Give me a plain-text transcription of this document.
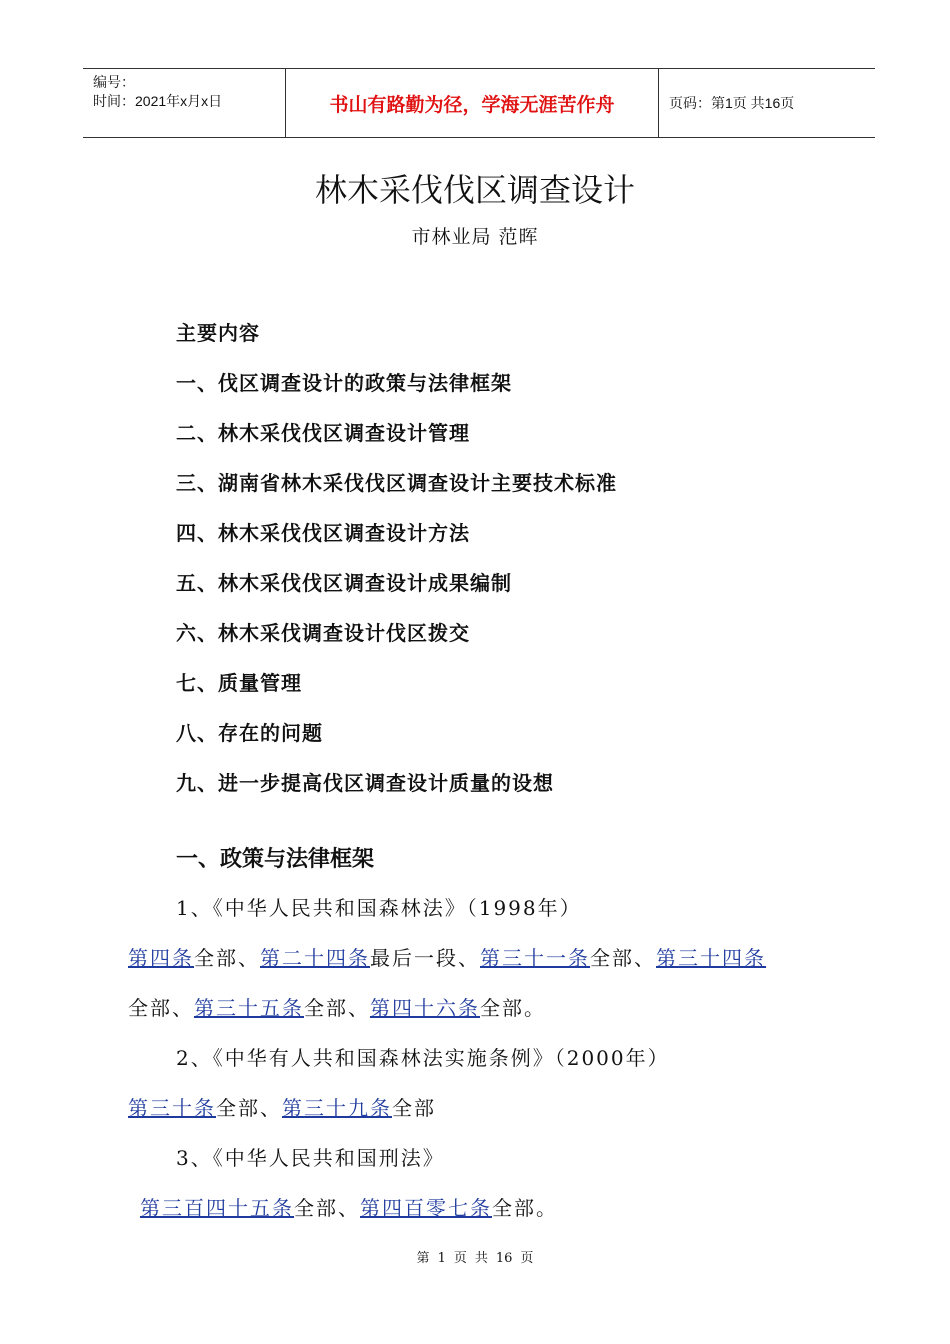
编号：
时间：2021年x月x日	书山有路勤为径，学海无涯苦作舟	页码：第1页 共16页
林木采伐伐区调查设计
市林业局 范晖
主要内容
一、伐区调查设计的政策与法律框架
二、林木采伐伐区调查设计管理
三、湖南省林木采伐伐区调查设计主要技术标准
四、林木采伐伐区调查设计方法
五、林木采伐伐区调查设计成果编制
六、林木采伐调查设计伐区拨交
七、质量管理
八、存在的问题
九、进一步提高伐区调查设计质量的设想
一、政策与法律框架
1、《中华人民共和国森林法》（1998年）
第四条全部、第二十四条最后一段、第三十一条全部、第三十四条
全部、第三十五条全部、第四十六条全部。
2、《中华有人共和国森林法实施条例》（2000年）
第三十条全部、第三十九条全部
3、《中华人民共和国刑法》
第三百四十五条全部、第四百零七条全部。
第 1 页 共 16 页
